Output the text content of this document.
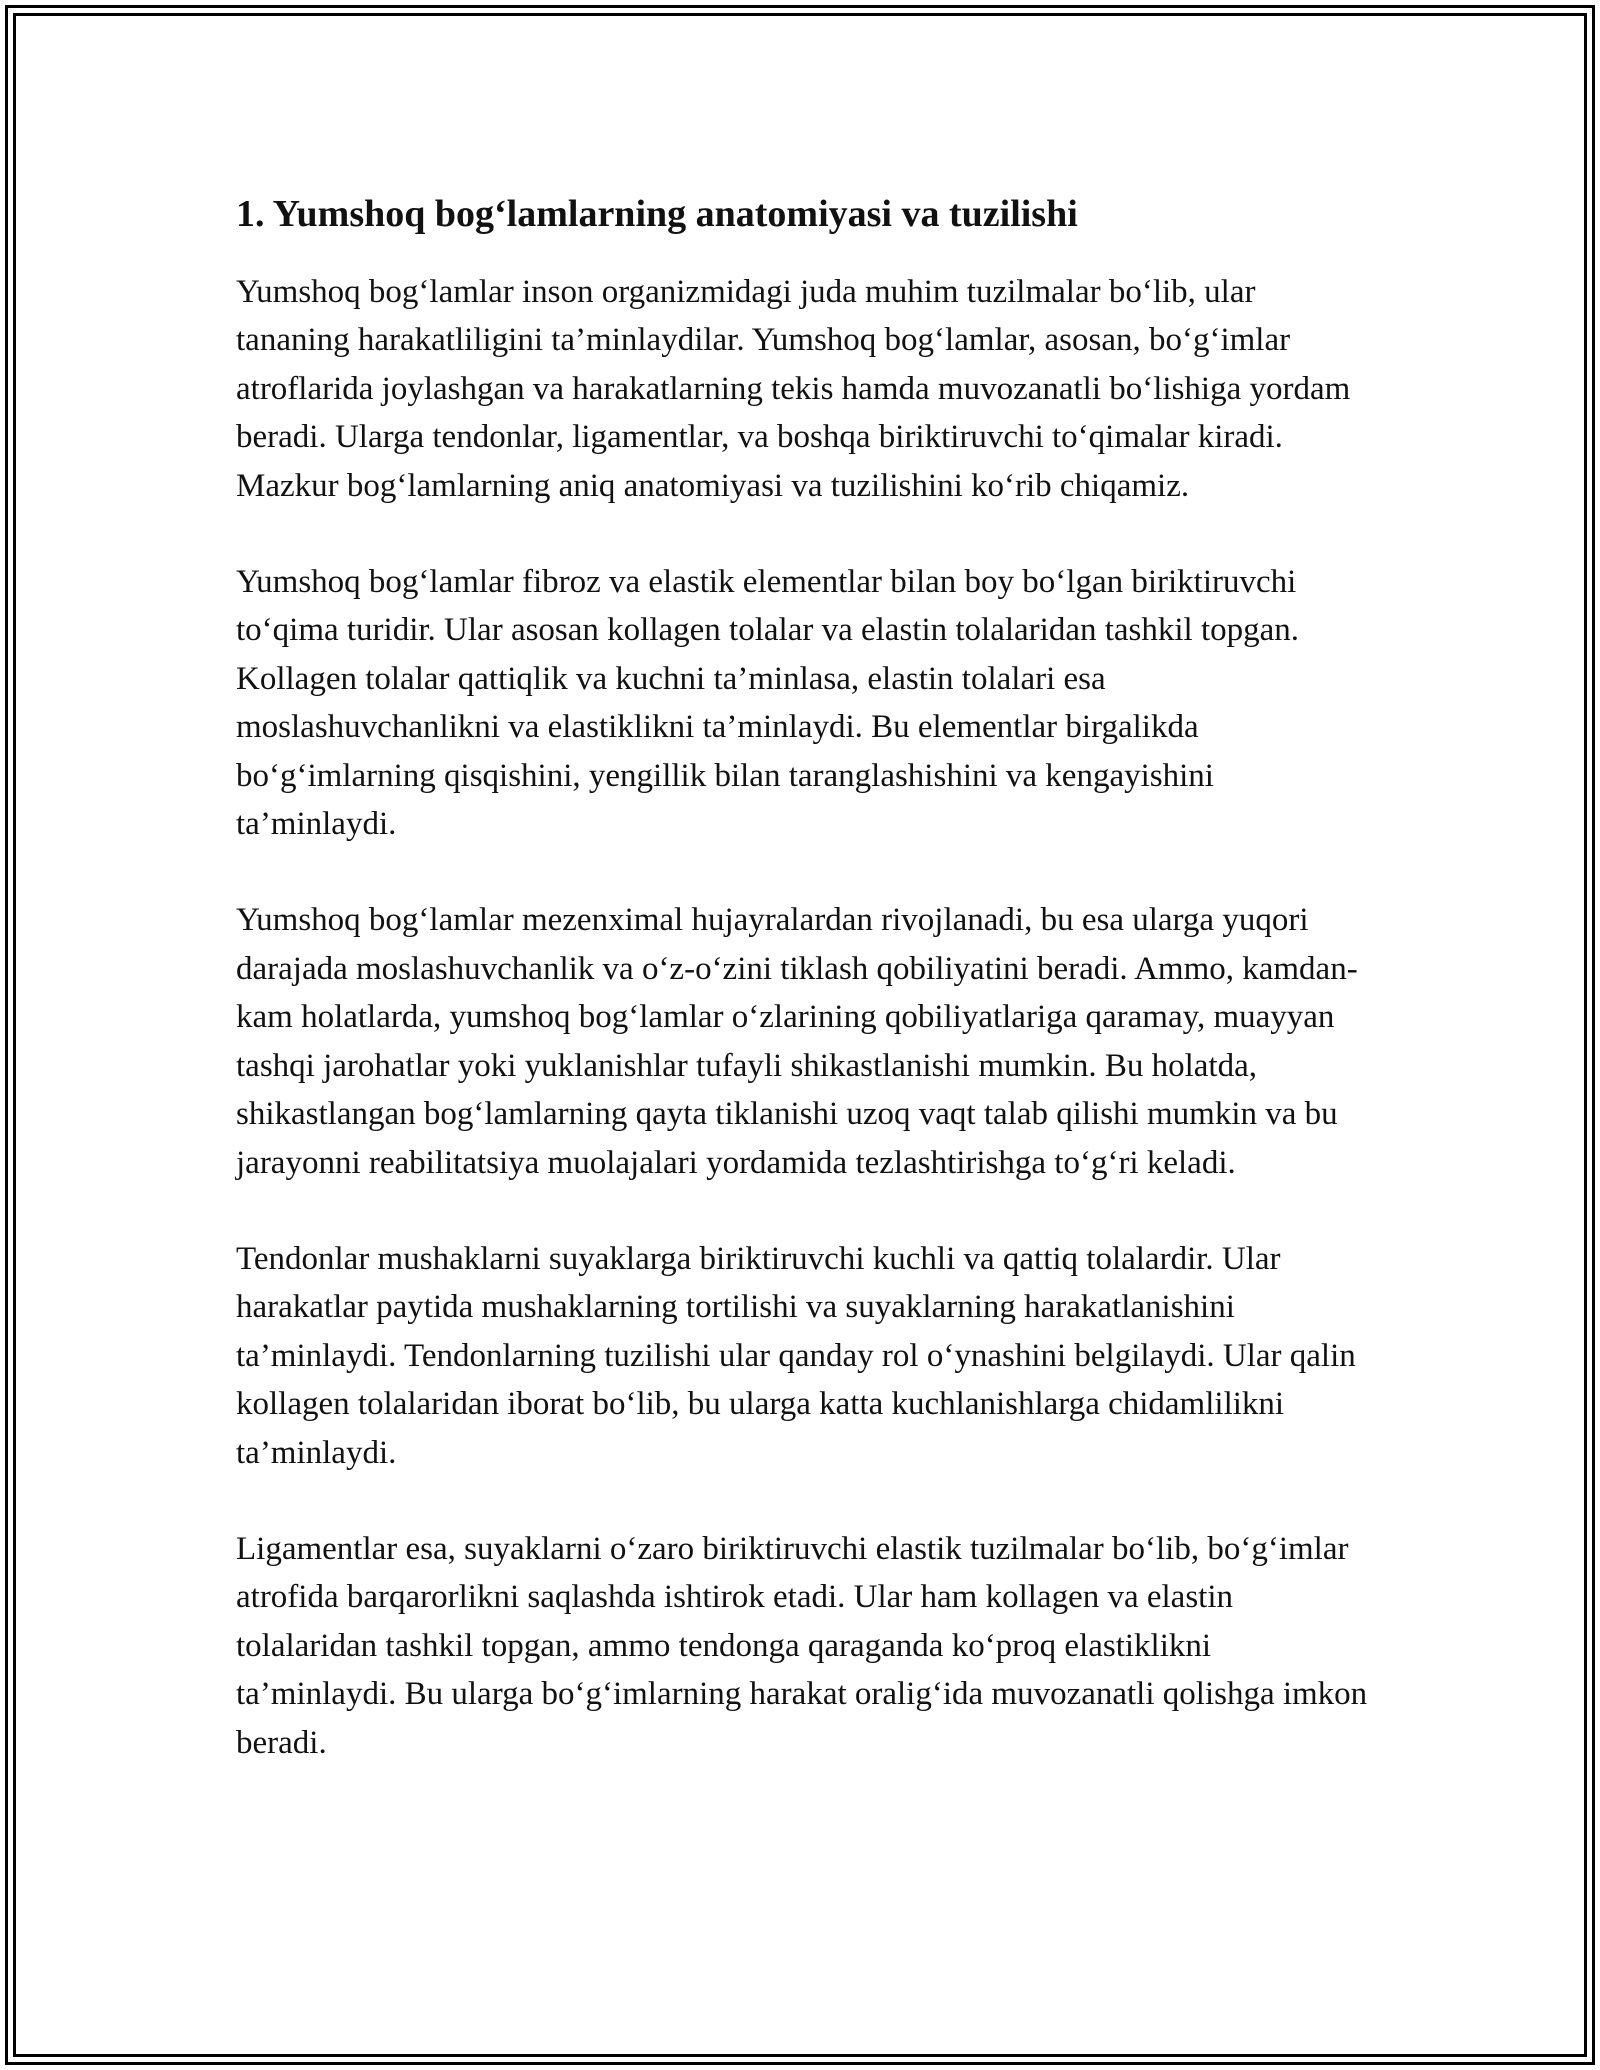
1. Yumshoq bog‘lamlarning anatomiyasi va tuzilishi

Yumshoq bog‘lamlar inson organizmidagi juda muhim tuzilmalar bo‘lib, ular tananing harakatliligini ta’minlaydilar. Yumshoq bog‘lamlar, asosan, bo‘g‘imlar atroflarida joylashgan va harakatlarning tekis hamda muvozanatli bo‘lishiga yordam beradi. Ularga tendonlar, ligamentlar, va boshqa biriktiruvchi to‘qimalar kiradi. Mazkur bog‘lamlarning aniq anatomiyasi va tuzilishini ko‘rib chiqamiz.

Yumshoq bog‘lamlar fibroz va elastik elementlar bilan boy bo‘lgan biriktiruvchi to‘qima turidir. Ular asosan kollagen tolalar va elastin tolalaridan tashkil topgan. Kollagen tolalar qattiqlik va kuchni ta’minlasa, elastin tolalari esa moslashuvchanlikni va elastiklikni ta’minlaydi. Bu elementlar birgalikda bo‘g‘imlarning qisqishini, yengillik bilan taranglashishini va kengayishini ta’minlaydi.

Yumshoq bog‘lamlar mezenximal hujayralardan rivojlanadi, bu esa ularga yuqori darajada moslashuvchanlik va o‘z-o‘zini tiklash qobiliyatini beradi. Ammo, kamdan-kam holatlarda, yumshoq bog‘lamlar o‘zlarining qobiliyatlariga qaramay, muayyan tashqi jarohatlar yoki yuklanishlar tufayli shikastlanishi mumkin. Bu holatda, shikastlangan bog‘lamlarning qayta tiklanishi uzoq vaqt talab qilishi mumkin va bu jarayonni reabilitatsiya muolajalari yordamida tezlashtirishga to‘g‘ri keladi.

Tendonlar mushaklarni suyaklarga biriktiruvchi kuchli va qattiq tolalardir. Ular harakatlar paytida mushaklarning tortilishi va suyaklarning harakatlanishini ta’minlaydi. Tendonlarning tuzilishi ular qanday rol o‘ynashini belgilaydi. Ular qalin kollagen tolalaridan iborat bo‘lib, bu ularga katta kuchlanishlarga chidamlilikni ta’minlaydi.

Ligamentlar esa, suyaklarni o‘zaro biriktiruvchi elastik tuzilmalar bo‘lib, bo‘g‘imlar atrofida barqarorlikni saqlashda ishtirok etadi. Ular ham kollagen va elastin tolalaridan tashkil topgan, ammo tendonga qaraganda ko‘proq elastiklikni ta’minlaydi. Bu ularga bo‘g‘imlarning harakat oralig‘ida muvozanatli qolishga imkon beradi.
